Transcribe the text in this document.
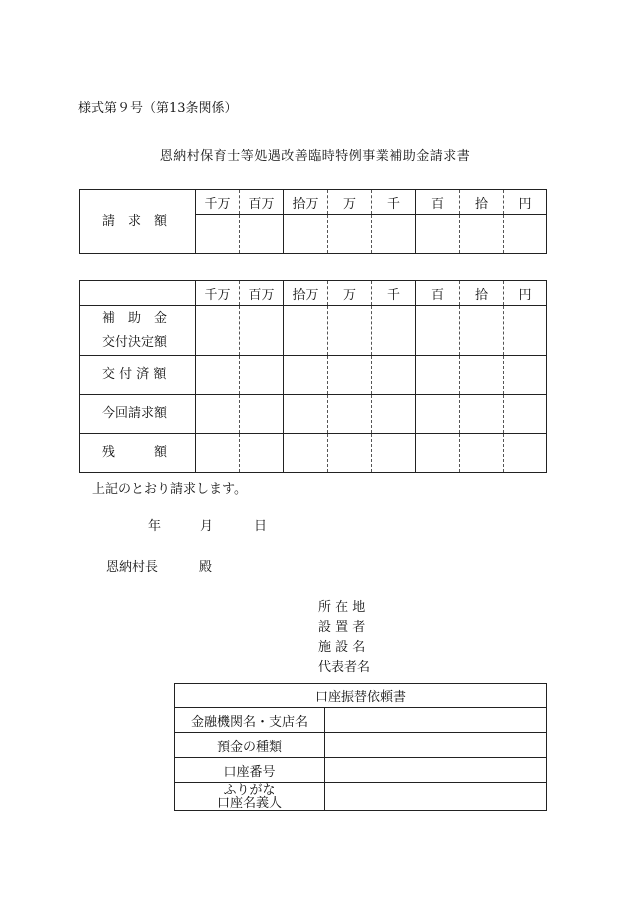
様式第９号（第13条関係）
恩納村保育士等処遇改善臨時特例事業補助金請求書
請　求　額	千万	百万	拾万	万	千	百	拾	円

	千万	百万	拾万	万	千	百	拾	円

補　助　金
交付決定額								

交 付 済 額								

今回請求額								

残　　　額								

上記のとおり請求します。
年	月	日
恩納村長	殿
所 在 地
設 置 者
施 設 名
代表者名
口座振替依頼書	
金融機関名・支店名	
預金の種類	
口座番号	

ふりがな
口座名義人	
